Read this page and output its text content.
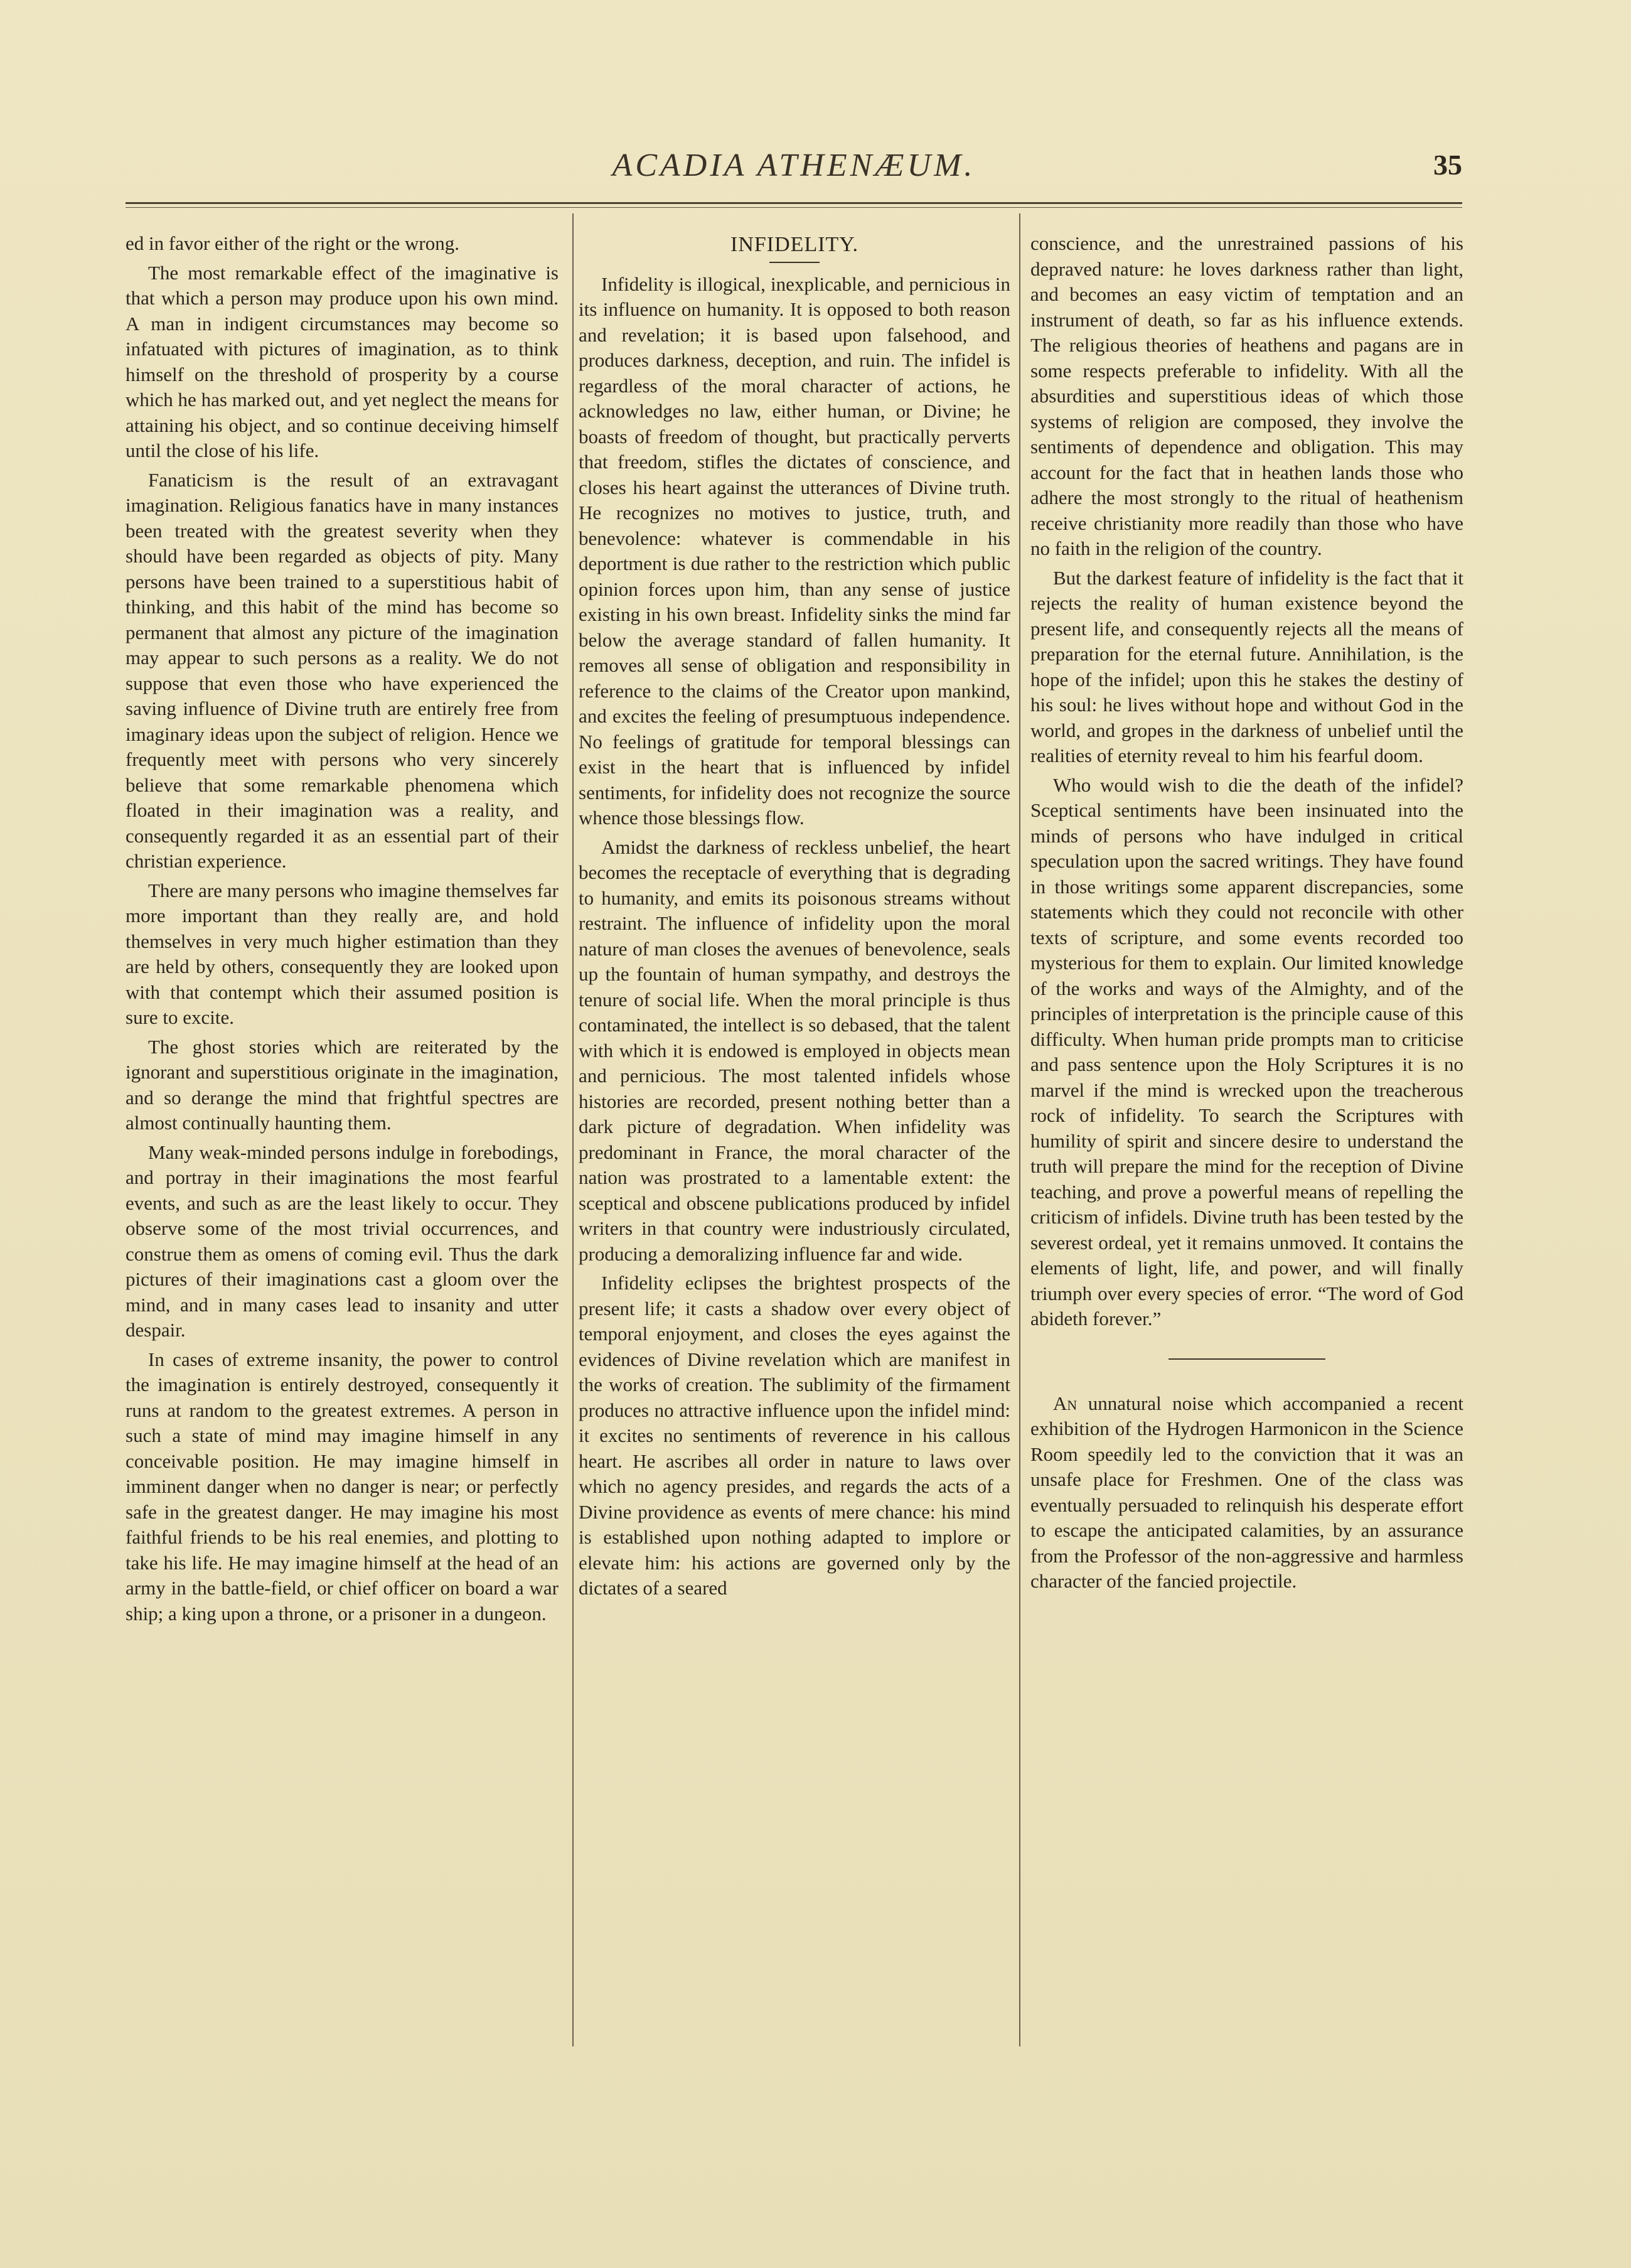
ACADIA ATHENÆUM.	35

ed in favor either of the right or the wrong.

The most remarkable effect of the imaginative is that which a person may produce upon his own mind. A man in indigent circumstances may become so infatuated with pictures of imagination, as to think himself on the threshold of prosperity by a course which he has marked out, and yet neglect the means for attaining his object, and so continue deceiving himself until the close of his life.

Fanaticism is the result of an extravagant imagination. Religious fanatics have in many instances been treated with the greatest severity when they should have been regarded as objects of pity. Many persons have been trained to a superstitious habit of thinking, and this habit of the mind has become so permanent that almost any picture of the imagination may appear to such persons as a reality. We do not suppose that even those who have experienced the saving influence of Divine truth are entirely free from imaginary ideas upon the subject of religion. Hence we frequently meet with persons who very sincerely believe that some remarkable phenomena which floated in their imagination was a reality, and consequently regarded it as an essential part of their christian experience.

There are many persons who imagine themselves far more important than they really are, and hold themselves in very much higher estimation than they are held by others, consequently they are looked upon with that contempt which their assumed position is sure to excite.

The ghost stories which are reiterated by the ignorant and superstitious originate in the imagination, and so derange the mind that frightful spectres are almost continually haunting them.

Many weak-minded persons indulge in forebodings, and portray in their imaginations the most fearful events, and such as are the least likely to occur. They observe some of the most trivial occurrences, and construe them as omens of coming evil. Thus the dark pictures of their imaginations cast a gloom over the mind, and in many cases lead to insanity and utter despair.

In cases of extreme insanity, the power to control the imagination is entirely destroyed, consequently it runs at random to the greatest extremes. A person in such a state of mind may imagine himself in any conceivable position. He may imagine himself in imminent danger when no danger is near; or perfectly safe in the greatest danger. He may imagine his most faithful friends to be his real enemies, and plotting to take his life. He may imagine himself at the head of an army in the battle-field, or chief officer on board a war ship; a king upon a throne, or a prisoner in a dungeon.

INFIDELITY.

Infidelity is illogical, inexplicable, and pernicious in its influence on humanity. It is opposed to both reason and revelation; it is based upon falsehood, and produces darkness, deception, and ruin. The infidel is regardless of the moral character of actions, he acknowledges no law, either human, or Divine; he boasts of freedom of thought, but practically perverts that freedom, stifles the dictates of conscience, and closes his heart against the utterances of Divine truth. He recognizes no motives to justice, truth, and benevolence: whatever is commendable in his deportment is due rather to the restriction which public opinion forces upon him, than any sense of justice existing in his own breast. Infidelity sinks the mind far below the average standard of fallen humanity. It removes all sense of obligation and responsibility in reference to the claims of the Creator upon mankind, and excites the feeling of presumptuous independence. No feelings of gratitude for temporal blessings can exist in the heart that is influenced by infidel sentiments, for infidelity does not recognize the source whence those blessings flow.

Amidst the darkness of reckless unbelief, the heart becomes the receptacle of everything that is degrading to humanity, and emits its poisonous streams without restraint. The influence of infidelity upon the moral nature of man closes the avenues of benevolence, seals up the fountain of human sympathy, and destroys the tenure of social life. When the moral principle is thus contaminated, the intellect is so debased, that the talent with which it is endowed is employed in objects mean and pernicious. The most talented infidels whose histories are recorded, present nothing better than a dark picture of degradation. When infidelity was predominant in France, the moral character of the nation was prostrated to a lamentable extent: the sceptical and obscene publications produced by infidel writers in that country were industriously circulated, producing a demoralizing influence far and wide.

Infidelity eclipses the brightest prospects of the present life; it casts a shadow over every object of temporal enjoyment, and closes the eyes against the evidences of Divine revelation which are manifest in the works of creation. The sublimity of the firmament produces no attractive influence upon the infidel mind: it excites no sentiments of reverence in his callous heart. He ascribes all order in nature to laws over which no agency presides, and regards the acts of a Divine providence as events of mere chance: his mind is established upon nothing adapted to implore or elevate him: his actions are governed only by the dictates of a seared

conscience, and the unrestrained passions of his depraved nature: he loves darkness rather than light, and becomes an easy victim of temptation and an instrument of death, so far as his influence extends. The religious theories of heathens and pagans are in some respects preferable to infidelity. With all the absurdities and superstitious ideas of which those systems of religion are composed, they involve the sentiments of dependence and obligation. This may account for the fact that in heathen lands those who adhere the most strongly to the ritual of heathenism receive christianity more readily than those who have no faith in the religion of the country.

But the darkest feature of infidelity is the fact that it rejects the reality of human existence beyond the present life, and consequently rejects all the means of preparation for the eternal future. Annihilation, is the hope of the infidel; upon this he stakes the destiny of his soul: he lives without hope and without God in the world, and gropes in the darkness of unbelief until the realities of eternity reveal to him his fearful doom.

Who would wish to die the death of the infidel? Sceptical sentiments have been insinuated into the minds of persons who have indulged in critical speculation upon the sacred writings. They have found in those writings some apparent discrepancies, some statements which they could not reconcile with other texts of scripture, and some events recorded too mysterious for them to explain. Our limited knowledge of the works and ways of the Almighty, and of the principles of interpretation is the principle cause of this difficulty. When human pride prompts man to criticise and pass sentence upon the Holy Scriptures it is no marvel if the mind is wrecked upon the treacherous rock of infidelity. To search the Scriptures with humility of spirit and sincere desire to understand the truth will prepare the mind for the reception of Divine teaching, and prove a powerful means of repelling the criticism of infidels. Divine truth has been tested by the severest ordeal, yet it remains unmoved. It contains the elements of light, life, and power, and will finally triumph over every species of error. “The word of God abideth forever.”

An unnatural noise which accompanied a recent exhibition of the Hydrogen Harmonicon in the Science Room speedily led to the conviction that it was an unsafe place for Freshmen. One of the class was eventually persuaded to relinquish his desperate effort to escape the anticipated calamities, by an assurance from the Professor of the non-aggressive and harmless character of the fancied projectile.
